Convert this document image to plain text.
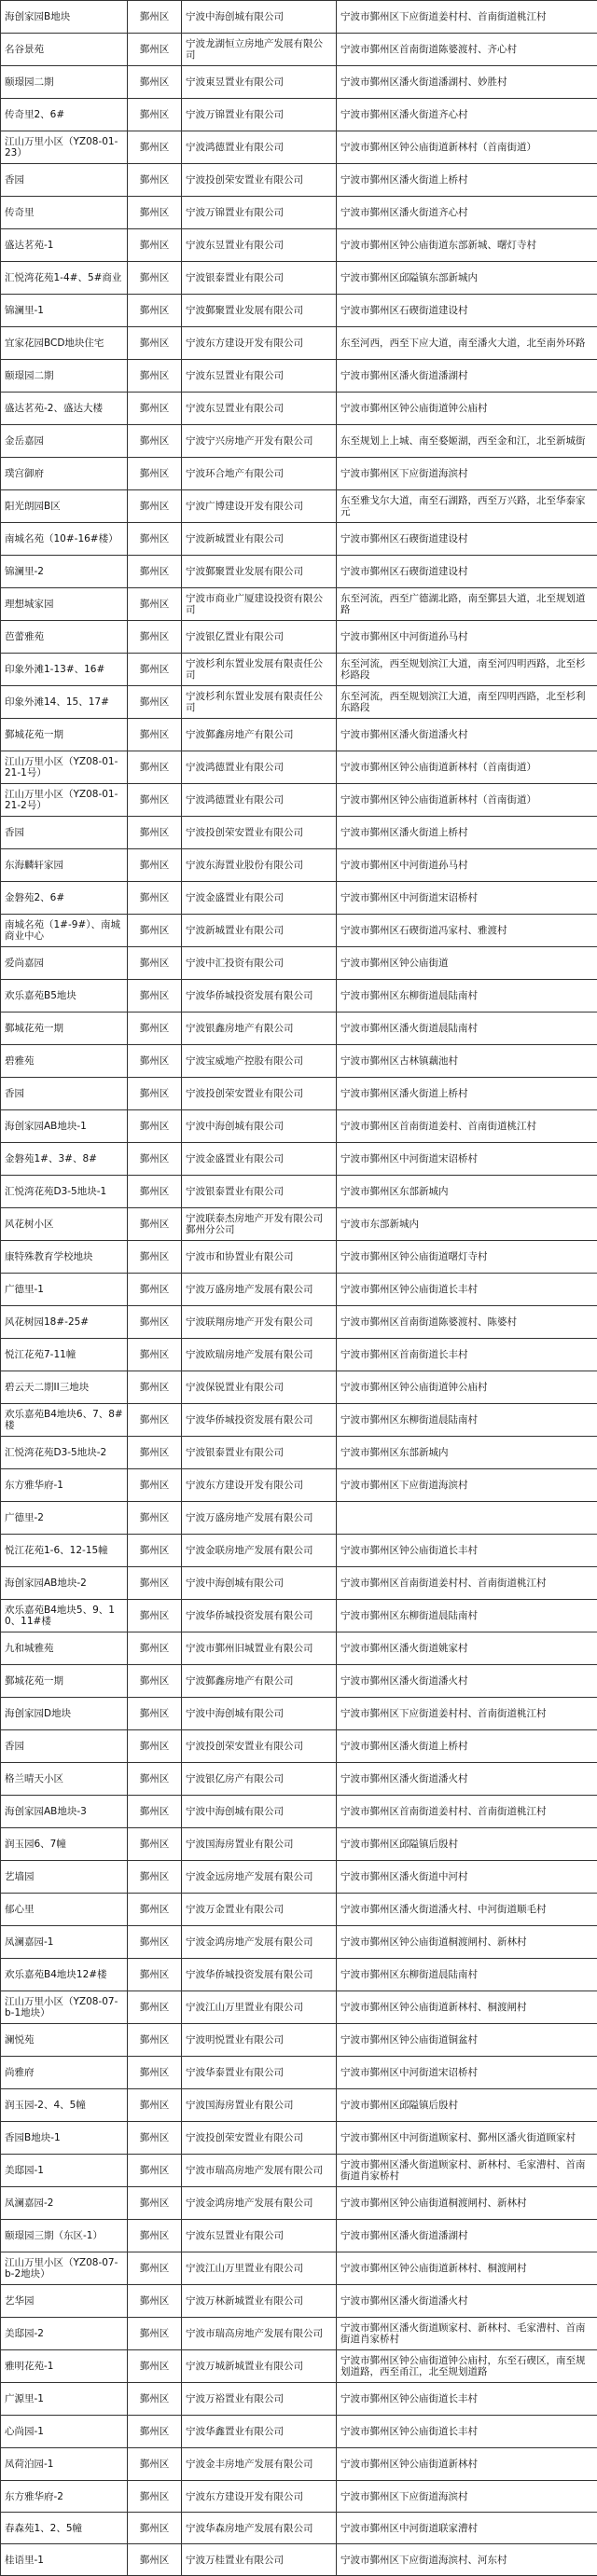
海创家园B地块	鄞州区	宁波中海创城有限公司	宁波市鄞州区下应街道姜村村、首南街道桃江村
名谷景苑	鄞州区	宁波龙湖恒立房地产发展有限公司	宁波市鄞州区首南街道陈婆渡村、齐心村
颐璟园二期	鄞州区	宁波東昱置业有限公司	宁波市鄞州区潘火街道潘湖村、妙胜村
传奇里2、6#	鄞州区	宁波万锦置业有限公司	宁波市鄞州区潘火街道齐心村
江山万里小区（YZ08-01-23）	鄞州区	宁波鸿德置业有限公司	宁波市鄞州区钟公庙街道新林村（首南街道）
香园	鄞州区	宁波投创荣安置业有限公司	宁波市鄞州区潘火街道上桥村
传奇里	鄞州区	宁波万锦置业有限公司	宁波市鄞州区潘火街道齐心村
盛达茗苑-1	鄞州区	宁波东昱置业有限公司	宁波市鄞州区钟公庙街道东部新城、曙灯寺村
汇悦湾花苑1-4#、5#商业	鄞州区	宁波银泰置业有限公司	宁波市鄞州区邱隘镇东部新城内
锦澜里-1	鄞州区	宁波鄞聚置业发展有限公司	宁波市鄞州区石碶街道建设村
宜家花园BCD地块住宅	鄞州区	宁波东方建设开发有限公司	东至河西，西至下应大道，南至潘火大道，北至南外环路
颐璟园二期	鄞州区	宁波东昱置业有限公司	宁波市鄞州区潘火街道潘湖村
盛达茗苑-2、盛达大楼	鄞州区	宁波东昱置业有限公司	宁波市鄞州区钟公庙街道钟公庙村
金岳嘉园	鄞州区	宁波宁兴房地产开发有限公司	东至规划上上城、南至婺姬湖，西至金和江，北至新城街
璞宫御府	鄞州区	宁波环合地产有限公司	宁波市鄞州区下应街道海滨村
阳光朗园B区	鄞州区	宁波广博建设开发有限公司	东至雅戈尔大道，南至石湖路，西至万兴路，北至华泰家元
南城名苑（10#-16#楼）	鄞州区	宁波新城置业有限公司	宁波市鄞州区石碶街道建设村
锦澜里-2	鄞州区	宁波鄞聚置业发展有限公司	宁波市鄞州区石碶街道建设村
理想城家园	鄞州区	宁波市商业广厦建设投资有限公司	东至河流，西至广德湖北路，南至鄞县大道，北至规划道路
芭蕾雅苑	鄞州区	宁波银亿置业有限公司	宁波市鄞州区中河街道孙马村
印象外滩1-13#、16#	鄞州区	宁波杉利东置业发展有限责任公司	东至河流，西至规划滨江大道，南至河四明西路，北至杉杉路段
印象外滩14、15、17#	鄞州区	宁波杉利东置业发展有限责任公司	东至河流，西至规划滨江大道，南至四明西路，北至杉利东路段
鄞城花苑一期	鄞州区	宁波鄞鑫房地产有限公司	宁波市鄞州区潘火街道潘火村
江山万里小区（YZ08-01-21-1号）	鄞州区	宁波鸿德置业有限公司	宁波市鄞州区钟公庙街道新林村（首南街道）
江山万里小区（YZ08-01-21-2号）	鄞州区	宁波鸿德置业有限公司	宁波市鄞州区钟公庙街道新林村（首南街道）
香园	鄞州区	宁波投创荣安置业有限公司	宁波市鄞州区潘火街道上桥村
东海麟轩家园	鄞州区	宁波东海置业股份有限公司	宁波市鄞州区中河街道孙马村
金磐苑2、6#	鄞州区	宁波金盛置业有限公司	宁波市鄞州区中河街道宋诏桥村
南城名苑（1#-9#）、南城商业中心	鄞州区	宁波新城置业有限公司	宁波市鄞州区石碶街道冯家村、雅渡村
爱尚嘉园	鄞州区	宁波中汇投资有限公司	宁波市鄞州区钟公庙街道
欢乐嘉苑B5地块	鄞州区	宁波华侨城投资发展有限公司	宁波市鄞州区东柳街道晨陆南村
鄞城花苑一期	鄞州区	宁波银鑫房地产有限公司	宁波市鄞州区潘火街道晨陆南村
碧雅苑	鄞州区	宁波宝威地产控股有限公司	宁波市鄞州区古林镇藕池村
香园	鄞州区	宁波投创荣安置业有限公司	宁波市鄞州区潘火街道上桥村
海创家园AB地块-1	鄞州区	宁波中海创城有限公司	宁波市鄞州区首南街道姜村、首南街道桃江村
金磐苑1#、3#、8#	鄞州区	宁波金盛置业有限公司	宁波市鄞州区中河街道宋诏桥村
汇悦湾花苑D3-5地块-1	鄞州区	宁波银泰置业有限公司	宁波市鄞州区东部新城内
风花树小区	鄞州区	宁波联泰杰房地产开发有限公司鄞州分公司	宁波市东部新城内
康特殊教育学校地块	鄞州区	宁波市和协置业有限公司	宁波市鄞州区钟公庙街道曙灯寺村
广德里-1	鄞州区	宁波万盛房地产发展有限公司	宁波市鄞州区钟公庙街道长丰村
风花树园18#-25#	鄞州区	宁波联翔房地产开发有限公司	宁波市鄞州区首南街道陈婆渡村、陈婆村
悦江花苑7-11幢	鄞州区	宁波欧瑞房地产发展有限公司	宁波市鄞州区首南街道长丰村
碧云天二期II三地块	鄞州区	宁波保锐置业有限公司	宁波市鄞州区钟公庙街道钟公庙村
欢乐嘉苑B4地块6、7、8#楼	鄞州区	宁波华侨城投资发展有限公司	宁波市鄞州区东柳街道晨陆南村
汇悦湾花苑D3-5地块-2	鄞州区	宁波银泰置业有限公司	宁波市鄞州区东部新城内
东方雅华府-1	鄞州区	宁波东方建设开发有限公司	宁波市鄞州区下应街道海滨村
广德里-2	鄞州区	宁波万盛房地产发展有限公司	
悦江花苑1-6、12-15幢	鄞州区	宁波金联房地产发展有限公司	宁波市鄞州区钟公庙街道长丰村
海创家园AB地块-2	鄞州区	宁波中海创城有限公司	宁波市鄞州区首南街道姜村村、首南街道桃江村
欢乐嘉苑B4地块5、9、10、11#楼	鄞州区	宁波华侨城投资发展有限公司	宁波市鄞州区东柳街道晨陆南村
九和城雅苑	鄞州区	宁波市鄞州旧城置业有限公司	宁波市鄞州区潘火街道姚家村
鄞城花苑一期	鄞州区	宁波鄞鑫房地产有限公司	宁波市鄞州区潘火街道潘火村
海创家园D地块	鄞州区	宁波中海创城有限公司	宁波市鄞州区下应街道姜村村、首南街道桃江村
香园	鄞州区	宁波投创荣安置业有限公司	宁波市鄞州区潘火街道上桥村
格兰晴天小区	鄞州区	宁波银亿房产有限公司	宁波市鄞州区潘火街道潘火村
海创家园AB地块-3	鄞州区	宁波中海创城有限公司	宁波市鄞州区首南街道姜村村、首南街道桃江村
润玉园6、7幢	鄞州区	宁波国海房置业有限公司	宁波市鄞州区邱隘镇后殷村
艺墙园	鄞州区	宁波金远房地产发展有限公司	宁波市鄞州区潘火街道中河村
郁心里	鄞州区	宁波万金置业有限公司	宁波市鄞州区潘火街道潘火村、中河街道顺毛村
凤澜嘉园-1	鄞州区	宁波金鸿房地产发展有限公司	宁波市鄞州区钟公庙街道桐渡闸村、新林村
欢乐嘉苑B4地块12#楼	鄞州区	宁波华侨城投资发展有限公司	宁波市鄞州区东柳街道晨陆南村
江山万里小区（YZ08-07-b-1地块）	鄞州区	宁波江山万里置业有限公司	宁波市鄞州区钟公庙街道新林村、桐渡闸村
澜悦苑	鄞州区	宁波明悦置业有限公司	宁波市鄞州区钟公庙街道铜盆村
尚雅府	鄞州区	宁波华泰置业有限公司	宁波市鄞州区中河街道宋诏桥村
润玉园-2、4、5幢	鄞州区	宁波国海房置业有限公司	宁波市鄞州区邱隘镇后殷村
香园B地块-1	鄞州区	宁波投创荣安置业有限公司	宁波市鄞州区中河街道顾家村、鄞州区潘火街道顾家村
美邸园-1	鄞州区	宁波市瑞高房地产发展有限公司	宁波市鄞州区潘火街道顾家村、新林村、毛家漕村、首南街道肖家桥村
凤澜嘉园-2	鄞州区	宁波金鸿房地产发展有限公司	宁波市鄞州区钟公庙街道桐渡闸村、新林村
颐璟园三期（东区-1）	鄞州区	宁波东昱置业有限公司	宁波市鄞州区潘火街道潘湖村
江山万里小区（YZ08-07-b-2地块）	鄞州区	宁波江山万里置业有限公司	宁波市鄞州区钟公庙街道新林村、桐渡闸村
艺华园	鄞州区	宁波万林新城置业有限公司	宁波市鄞州区潘火街道潘火村
美邸园-2	鄞州区	宁波市瑞高房地产发展有限公司	宁波市鄞州区潘火街道顾家村、新林村、毛家漕村、首南街道肖家桥村
雅明花苑-1	鄞州区	宁波万城新城置业有限公司	宁波市鄞州区钟公庙街道钟公庙村，东至石碶区，南至规划道路，西至甬江，北至规划道路
广源里-1	鄞州区	宁波万裕置业有限公司	宁波市鄞州区钟公庙街道长丰村
心尚园-1	鄞州区	宁波华鑫置业有限公司	宁波市鄞州区钟公庙街道长丰村
凤荷泊园-1	鄞州区	宁波金丰房地产发展有限公司	宁波市鄞州区钟公庙街道新林村
东方雅华府-2	鄞州区	宁波东方建设开发有限公司	宁波市鄞州区下应街道海滨村
春森苑1、2、5幢	鄞州区	宁波华森房地产发展有限公司	宁波市鄞州区中河街道联家漕村
桂语里-1	鄞州区	宁波万桂置业有限公司	宁波市鄞州区下应街道海滨村、河东村
